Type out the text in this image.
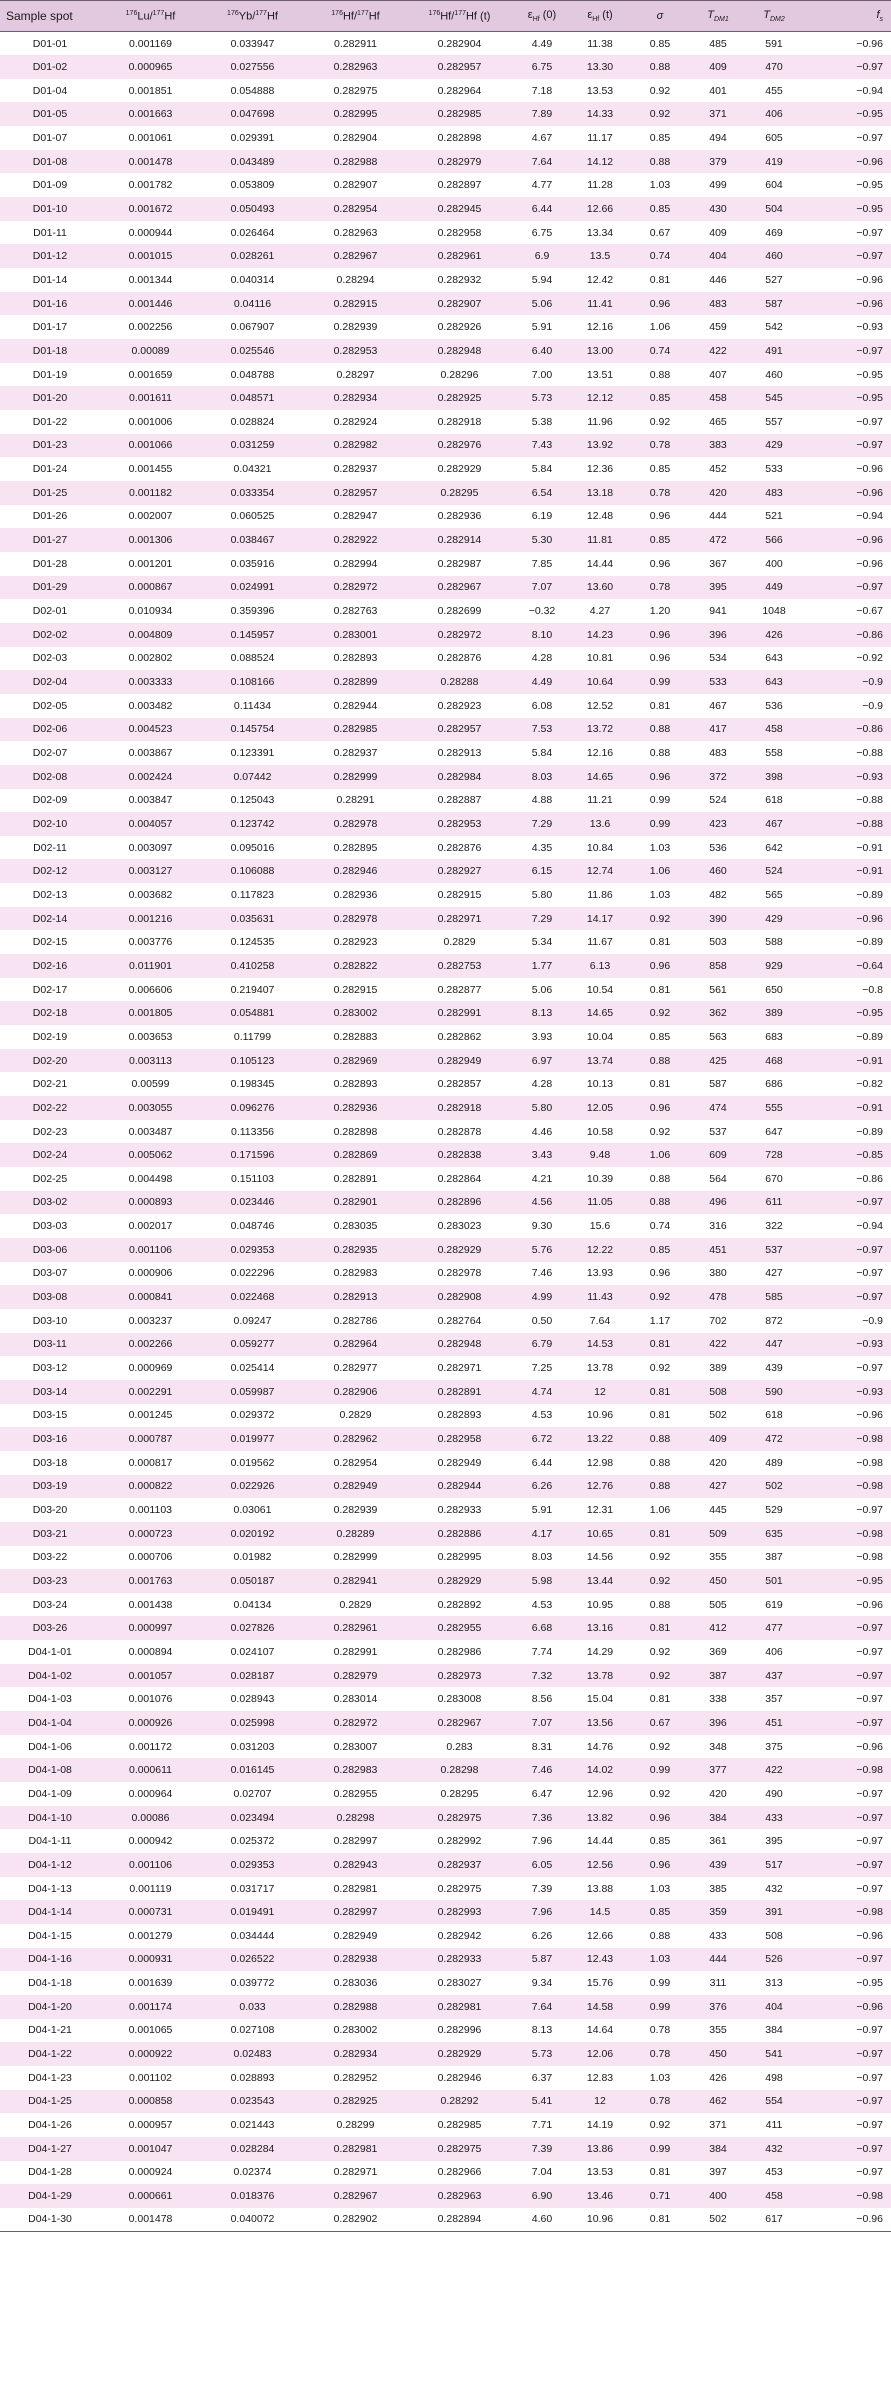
Sample spot	$^{176}$Lu/$^{177}$Hf	$^{176}$Yb/$^{177}$Hf	$^{176}$Hf/$^{177}$Hf	$^{176}$Hf/$^{177}$Hf (t)	$\varepsilon_{Hf}$ (0)	$\varepsilon_{Hf}$ (t)	σ	$T_{DM1}$	$T_{DM2}$	$f_s$
D01-01	0.001169	0.033947	0.282911	0.282904	4.49	11.38	0.85	485	591	−0.96
D01-02	0.000965	0.027556	0.282963	0.282957	6.75	13.30	0.88	409	470	−0.97
D01-04	0.001851	0.054888	0.282975	0.282964	7.18	13.53	0.92	401	455	−0.94
D01-05	0.001663	0.047698	0.282995	0.282985	7.89	14.33	0.92	371	406	−0.95
D01-07	0.001061	0.029391	0.282904	0.282898	4.67	11.17	0.85	494	605	−0.97
D01-08	0.001478	0.043489	0.282988	0.282979	7.64	14.12	0.88	379	419	−0.96
D01-09	0.001782	0.053809	0.282907	0.282897	4.77	11.28	1.03	499	604	−0.95
D01-10	0.001672	0.050493	0.282954	0.282945	6.44	12.66	0.85	430	504	−0.95
D01-11	0.000944	0.026464	0.282963	0.282958	6.75	13.34	0.67	409	469	−0.97
D01-12	0.001015	0.028261	0.282967	0.282961	6.9	13.5	0.74	404	460	−0.97
D01-14	0.001344	0.040314	0.28294	0.282932	5.94	12.42	0.81	446	527	−0.96
D01-16	0.001446	0.04116	0.282915	0.282907	5.06	11.41	0.96	483	587	−0.96
D01-17	0.002256	0.067907	0.282939	0.282926	5.91	12.16	1.06	459	542	−0.93
D01-18	0.00089	0.025546	0.282953	0.282948	6.40	13.00	0.74	422	491	−0.97
D01-19	0.001659	0.048788	0.28297	0.28296	7.00	13.51	0.88	407	460	−0.95
D01-20	0.001611	0.048571	0.282934	0.282925	5.73	12.12	0.85	458	545	−0.95
D01-22	0.001006	0.028824	0.282924	0.282918	5.38	11.96	0.92	465	557	−0.97
D01-23	0.001066	0.031259	0.282982	0.282976	7.43	13.92	0.78	383	429	−0.97
D01-24	0.001455	0.04321	0.282937	0.282929	5.84	12.36	0.85	452	533	−0.96
D01-25	0.001182	0.033354	0.282957	0.28295	6.54	13.18	0.78	420	483	−0.96
D01-26	0.002007	0.060525	0.282947	0.282936	6.19	12.48	0.96	444	521	−0.94
D01-27	0.001306	0.038467	0.282922	0.282914	5.30	11.81	0.85	472	566	−0.96
D01-28	0.001201	0.035916	0.282994	0.282987	7.85	14.44	0.96	367	400	−0.96
D01-29	0.000867	0.024991	0.282972	0.282967	7.07	13.60	0.78	395	449	−0.97
D02-01	0.010934	0.359396	0.282763	0.282699	−0.32	4.27	1.20	941	1048	−0.67
D02-02	0.004809	0.145957	0.283001	0.282972	8.10	14.23	0.96	396	426	−0.86
D02-03	0.002802	0.088524	0.282893	0.282876	4.28	10.81	0.96	534	643	−0.92
D02-04	0.003333	0.108166	0.282899	0.28288	4.49	10.64	0.99	533	643	−0.9
D02-05	0.003482	0.11434	0.282944	0.282923	6.08	12.52	0.81	467	536	−0.9
D02-06	0.004523	0.145754	0.282985	0.282957	7.53	13.72	0.88	417	458	−0.86
D02-07	0.003867	0.123391	0.282937	0.282913	5.84	12.16	0.88	483	558	−0.88
D02-08	0.002424	0.07442	0.282999	0.282984	8.03	14.65	0.96	372	398	−0.93
D02-09	0.003847	0.125043	0.28291	0.282887	4.88	11.21	0.99	524	618	−0.88
D02-10	0.004057	0.123742	0.282978	0.282953	7.29	13.6	0.99	423	467	−0.88
D02-11	0.003097	0.095016	0.282895	0.282876	4.35	10.84	1.03	536	642	−0.91
D02-12	0.003127	0.106088	0.282946	0.282927	6.15	12.74	1.06	460	524	−0.91
D02-13	0.003682	0.117823	0.282936	0.282915	5.80	11.86	1.03	482	565	−0.89
D02-14	0.001216	0.035631	0.282978	0.282971	7.29	14.17	0.92	390	429	−0.96
D02-15	0.003776	0.124535	0.282923	0.2829	5.34	11.67	0.81	503	588	−0.89
D02-16	0.011901	0.410258	0.282822	0.282753	1.77	6.13	0.96	858	929	−0.64
D02-17	0.006606	0.219407	0.282915	0.282877	5.06	10.54	0.81	561	650	−0.8
D02-18	0.001805	0.054881	0.283002	0.282991	8.13	14.65	0.92	362	389	−0.95
D02-19	0.003653	0.11799	0.282883	0.282862	3.93	10.04	0.85	563	683	−0.89
D02-20	0.003113	0.105123	0.282969	0.282949	6.97	13.74	0.88	425	468	−0.91
D02-21	0.00599	0.198345	0.282893	0.282857	4.28	10.13	0.81	587	686	−0.82
D02-22	0.003055	0.096276	0.282936	0.282918	5.80	12.05	0.96	474	555	−0.91
D02-23	0.003487	0.113356	0.282898	0.282878	4.46	10.58	0.92	537	647	−0.89
D02-24	0.005062	0.171596	0.282869	0.282838	3.43	9.48	1.06	609	728	−0.85
D02-25	0.004498	0.151103	0.282891	0.282864	4.21	10.39	0.88	564	670	−0.86
D03-02	0.000893	0.023446	0.282901	0.282896	4.56	11.05	0.88	496	611	−0.97
D03-03	0.002017	0.048746	0.283035	0.283023	9.30	15.6	0.74	316	322	−0.94
D03-06	0.001106	0.029353	0.282935	0.282929	5.76	12.22	0.85	451	537	−0.97
D03-07	0.000906	0.022296	0.282983	0.282978	7.46	13.93	0.96	380	427	−0.97
D03-08	0.000841	0.022468	0.282913	0.282908	4.99	11.43	0.92	478	585	−0.97
D03-10	0.003237	0.09247	0.282786	0.282764	0.50	7.64	1.17	702	872	−0.9
D03-11	0.002266	0.059277	0.282964	0.282948	6.79	14.53	0.81	422	447	−0.93
D03-12	0.000969	0.025414	0.282977	0.282971	7.25	13.78	0.92	389	439	−0.97
D03-14	0.002291	0.059987	0.282906	0.282891	4.74	12	0.81	508	590	−0.93
D03-15	0.001245	0.029372	0.2829	0.282893	4.53	10.96	0.81	502	618	−0.96
D03-16	0.000787	0.019977	0.282962	0.282958	6.72	13.22	0.88	409	472	−0.98
D03-18	0.000817	0.019562	0.282954	0.282949	6.44	12.98	0.88	420	489	−0.98
D03-19	0.000822	0.022926	0.282949	0.282944	6.26	12.76	0.88	427	502	−0.98
D03-20	0.001103	0.03061	0.282939	0.282933	5.91	12.31	1.06	445	529	−0.97
D03-21	0.000723	0.020192	0.28289	0.282886	4.17	10.65	0.81	509	635	−0.98
D03-22	0.000706	0.01982	0.282999	0.282995	8.03	14.56	0.92	355	387	−0.98
D03-23	0.001763	0.050187	0.282941	0.282929	5.98	13.44	0.92	450	501	−0.95
D03-24	0.001438	0.04134	0.2829	0.282892	4.53	10.95	0.88	505	619	−0.96
D03-26	0.000997	0.027826	0.282961	0.282955	6.68	13.16	0.81	412	477	−0.97
D04-1-01	0.000894	0.024107	0.282991	0.282986	7.74	14.29	0.92	369	406	−0.97
D04-1-02	0.001057	0.028187	0.282979	0.282973	7.32	13.78	0.92	387	437	−0.97
D04-1-03	0.001076	0.028943	0.283014	0.283008	8.56	15.04	0.81	338	357	−0.97
D04-1-04	0.000926	0.025998	0.282972	0.282967	7.07	13.56	0.67	396	451	−0.97
D04-1-06	0.001172	0.031203	0.283007	0.283	8.31	14.76	0.92	348	375	−0.96
D04-1-08	0.000611	0.016145	0.282983	0.28298	7.46	14.02	0.99	377	422	−0.98
D04-1-09	0.000964	0.02707	0.282955	0.28295	6.47	12.96	0.92	420	490	−0.97
D04-1-10	0.00086	0.023494	0.28298	0.282975	7.36	13.82	0.96	384	433	−0.97
D04-1-11	0.000942	0.025372	0.282997	0.282992	7.96	14.44	0.85	361	395	−0.97
D04-1-12	0.001106	0.029353	0.282943	0.282937	6.05	12.56	0.96	439	517	−0.97
D04-1-13	0.001119	0.031717	0.282981	0.282975	7.39	13.88	1.03	385	432	−0.97
D04-1-14	0.000731	0.019491	0.282997	0.282993	7.96	14.5	0.85	359	391	−0.98
D04-1-15	0.001279	0.034444	0.282949	0.282942	6.26	12.66	0.88	433	508	−0.96
D04-1-16	0.000931	0.026522	0.282938	0.282933	5.87	12.43	1.03	444	526	−0.97
D04-1-18	0.001639	0.039772	0.283036	0.283027	9.34	15.76	0.99	311	313	−0.95
D04-1-20	0.001174	0.033	0.282988	0.282981	7.64	14.58	0.99	376	404	−0.96
D04-1-21	0.001065	0.027108	0.283002	0.282996	8.13	14.64	0.78	355	384	−0.97
D04-1-22	0.000922	0.02483	0.282934	0.282929	5.73	12.06	0.78	450	541	−0.97
D04-1-23	0.001102	0.028893	0.282952	0.282946	6.37	12.83	1.03	426	498	−0.97
D04-1-25	0.000858	0.023543	0.282925	0.28292	5.41	12	0.78	462	554	−0.97
D04-1-26	0.000957	0.021443	0.28299	0.282985	7.71	14.19	0.92	371	411	−0.97
D04-1-27	0.001047	0.028284	0.282981	0.282975	7.39	13.86	0.99	384	432	−0.97
D04-1-28	0.000924	0.02374	0.282971	0.282966	7.04	13.53	0.81	397	453	−0.97
D04-1-29	0.000661	0.018376	0.282967	0.282963	6.90	13.46	0.71	400	458	−0.98
D04-1-30	0.001478	0.040072	0.282902	0.282894	4.60	10.96	0.81	502	617	−0.96
